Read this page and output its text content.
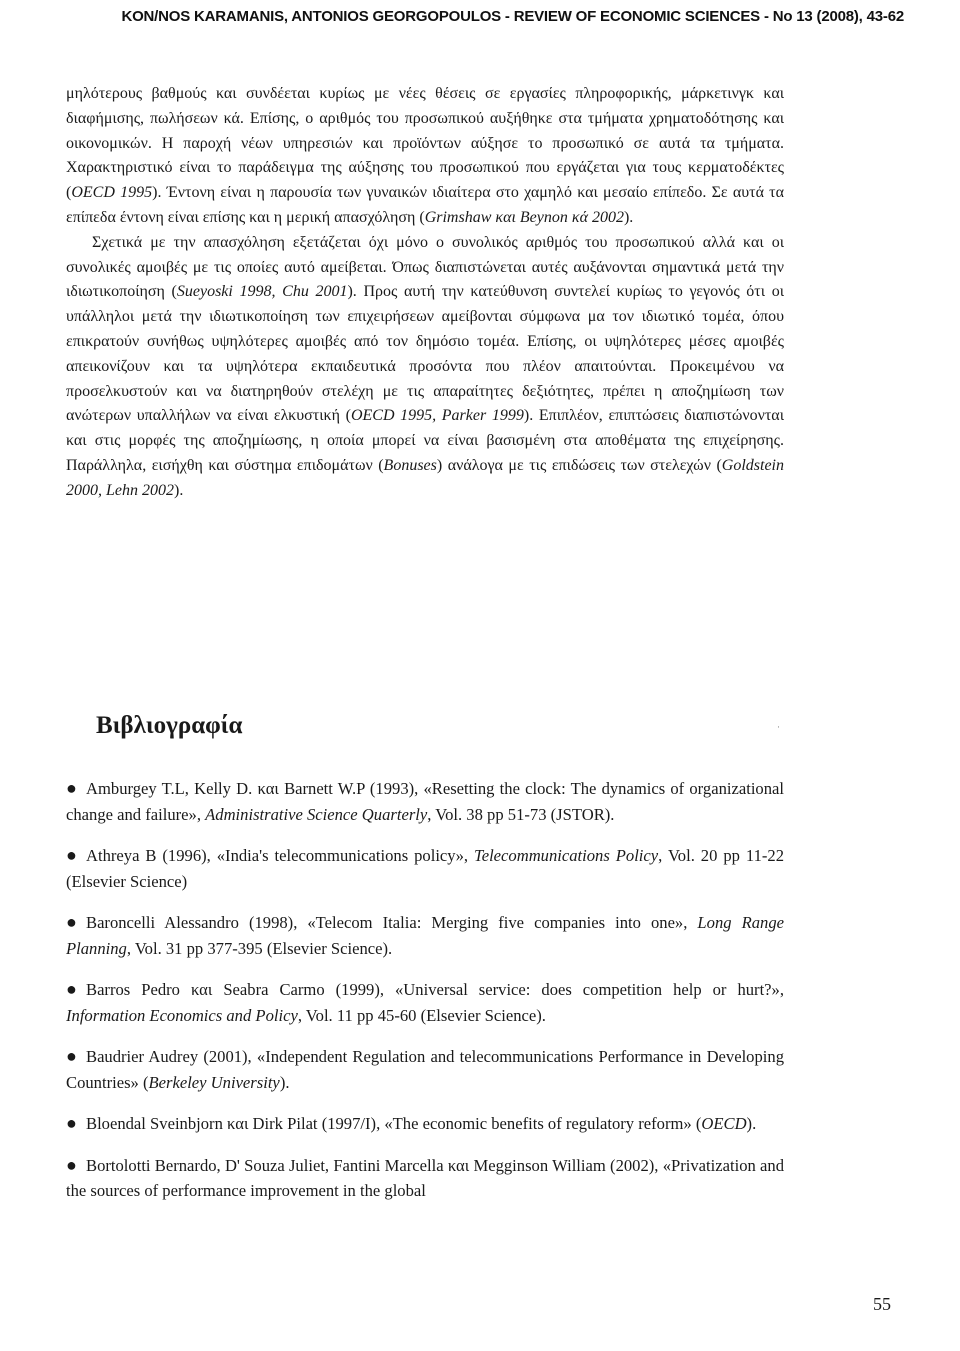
KON/NOS KARAMANIS, ANTONIOS GEORGOPOULOS - REVIEW OF ECONOMIC SCIENCES - No 13 (2008), 43-62

μηλότερους βαθμούς και συνδέεται κυρίως με νέες θέσεις σε εργασίες πληροφορικής, μάρκετινγκ και διαφήμισης, πωλήσεων κά. Επίσης, ο αριθμός του προσωπικού αυξήθηκε στα τμήματα χρηματοδότησης και οικονομικών. Η παροχή νέων υπηρεσιών και προϊόντων αύξησε το προσωπικό σε αυτά τα τμήματα. Χαρακτηριστικό είναι το παράδειγμα της αύξησης του προσωπικού που εργάζεται για τους κερματοδέκτες (OECD 1995). Έντονη είναι η παρουσία των γυναικών ιδιαίτερα στο χαμηλό και μεσαίο επίπεδο. Σε αυτά τα επίπεδα έντονη είναι επίσης και η μερική απασχόληση (Grimshaw και Beynon κά 2002).

Σχετικά με την απασχόληση εξετάζεται όχι μόνο ο συνολικός αριθμός του προσωπικού αλλά και οι συνολικές αμοιβές με τις οποίες αυτό αμείβεται. Όπως διαπιστώνεται αυτές αυξάνονται σημαντικά μετά την ιδιωτικοποίηση (Sueyoski 1998, Chu 2001). Προς αυτή την κατεύθυνση συντελεί κυρίως το γεγονός ότι οι υπάλληλοι μετά την ιδιωτικοποίηση των επιχειρήσεων αμείβονται σύμφωνα μα τον ιδιωτικό τομέα, όπου επικρατούν συνήθως υψηλότερες αμοιβές από τον δημόσιο τομέα. Επίσης, οι υψηλότερες μέσες αμοιβές απεικονίζουν και τα υψηλότερα εκπαιδευτικά προσόντα που πλέον απαιτούνται. Προκειμένου να προσελκυστούν και να διατηρηθούν στελέχη με τις απαραίτητες δεξιότητες, πρέπει η αποζημίωση των ανώτερων υπαλλήλων να είναι ελκυστική (OECD 1995, Parker 1999). Επιπλέον, επιπτώσεις διαπιστώνονται και στις μορφές της αποζημίωσης, η οποία μπορεί να είναι βασισμένη στα αποθέματα της επιχείρησης. Παράλληλα, εισήχθη και σύστημα επιδομάτων (Bonuses) ανάλογα με τις επιδώσεις των στελεχών (Goldstein 2000, Lehn 2002).

Βιβλιογραφία	·
● Amburgey T.L, Kelly D. και Barnett W.P (1993), «Resetting the clock: The dynamics of organizational change and failure», Administrative Science Quarterly, Vol. 38 pp 51-73 (JSTOR).
● Athreya B (1996), «India's telecommunications policy», Telecommunications Policy, Vol. 20 pp 11-22 (Elsevier Science)
● Baroncelli Alessandro (1998), «Telecom Italia: Merging five companies into one», Long Range Planning, Vol. 31 pp 377-395 (Elsevier Science).
● Barros Pedro και Seabra Carmo (1999), «Universal service: does competition help or hurt?», Information Economics and Policy, Vol. 11 pp 45-60 (Elsevier Science).
● Baudrier Audrey (2001), «Independent Regulation and telecommunications Performance in Developing Countries» (Berkeley University).
● Bloendal Sveinbjorn και Dirk Pilat (1997/I), «The economic benefits of regulatory reform» (OECD).
● Bortolotti Bernardo, D' Souza Juliet, Fantini Marcella και Megginson William (2002), «Privatization and the sources of performance improvement in the global
55
